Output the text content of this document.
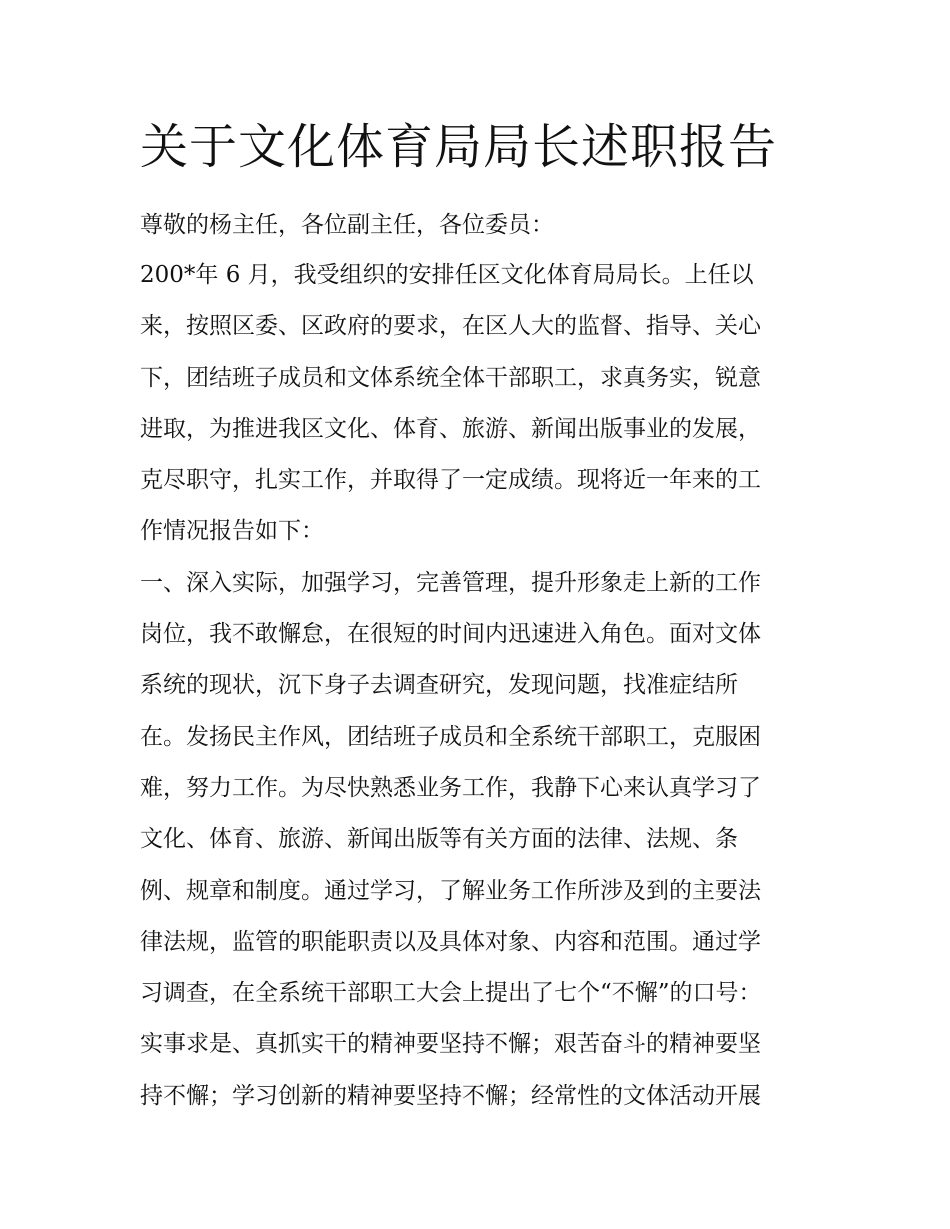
关于文化体育局局长述职报告
尊敬的杨主任，各位副主任，各位委员：
200*年 6 月，我受组织的安排任区文化体育局局长。上任以
来，按照区委、区政府的要求，在区人大的监督、指导、关心
下，团结班子成员和文体系统全体干部职工，求真务实，锐意
进取，为推进我区文化、体育、旅游、新闻出版事业的发展，
克尽职守，扎实工作，并取得了一定成绩。现将近一年来的工
作情况报告如下：
一、深入实际，加强学习，完善管理，提升形象走上新的工作
岗位，我不敢懈怠，在很短的时间内迅速进入角色。面对文体
系统的现状，沉下身子去调查研究，发现问题，找准症结所
在。发扬民主作风，团结班子成员和全系统干部职工，克服困
难，努力工作。为尽快熟悉业务工作，我静下心来认真学习了
文化、体育、旅游、新闻出版等有关方面的法律、法规、条
例、规章和制度。通过学习，了解业务工作所涉及到的主要法
律法规，监管的职能职责以及具体对象、内容和范围。通过学
习调查，在全系统干部职工大会上提出了七个“不懈”的口号：
实事求是、真抓实干的精神要坚持不懈；艰苦奋斗的精神要坚
持不懈；学习创新的精神要坚持不懈；经常性的文体活动开展
